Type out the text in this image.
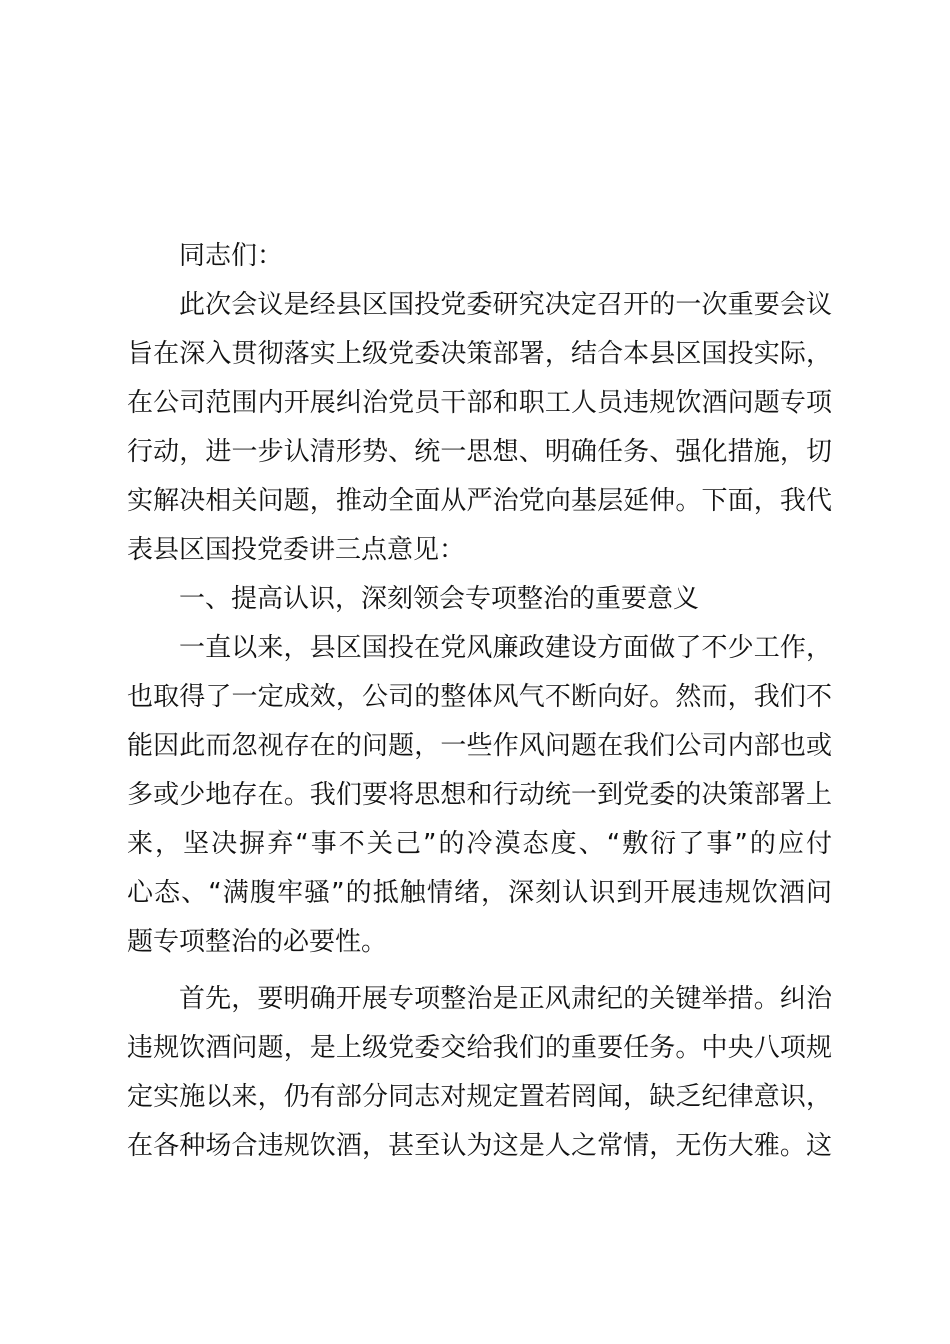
同志们：
此次会议是经县区国投党委研究决定召开的一次重要会议
旨在深入贯彻落实上级党委决策部署，结合本县区国投实际，
在公司范围内开展纠治党员干部和职工人员违规饮酒问题专项
行动，进一步认清形势、统一思想、明确任务、强化措施，切
实解决相关问题，推动全面从严治党向基层延伸。下面，我代
表县区国投党委讲三点意见：
一、提高认识，深刻领会专项整治的重要意义
一直以来，县区国投在党风廉政建设方面做了不少工作，
也取得了一定成效，公司的整体风气不断向好。然而，我们不
能因此而忽视存在的问题，一些作风问题在我们公司内部也或
多或少地存在。我们要将思想和行动统一到党委的决策部署上
来，坚决摒弃“事不关己”的冷漠态度、“敷衍了事”的应付
心态、“满腹牢骚”的抵触情绪，深刻认识到开展违规饮酒问
题专项整治的必要性。
首先，要明确开展专项整治是正风肃纪的关键举措。纠治
违规饮酒问题，是上级党委交给我们的重要任务。中央八项规
定实施以来，仍有部分同志对规定置若罔闻，缺乏纪律意识，
在各种场合违规饮酒，甚至认为这是人之常情，无伤大雅。这
